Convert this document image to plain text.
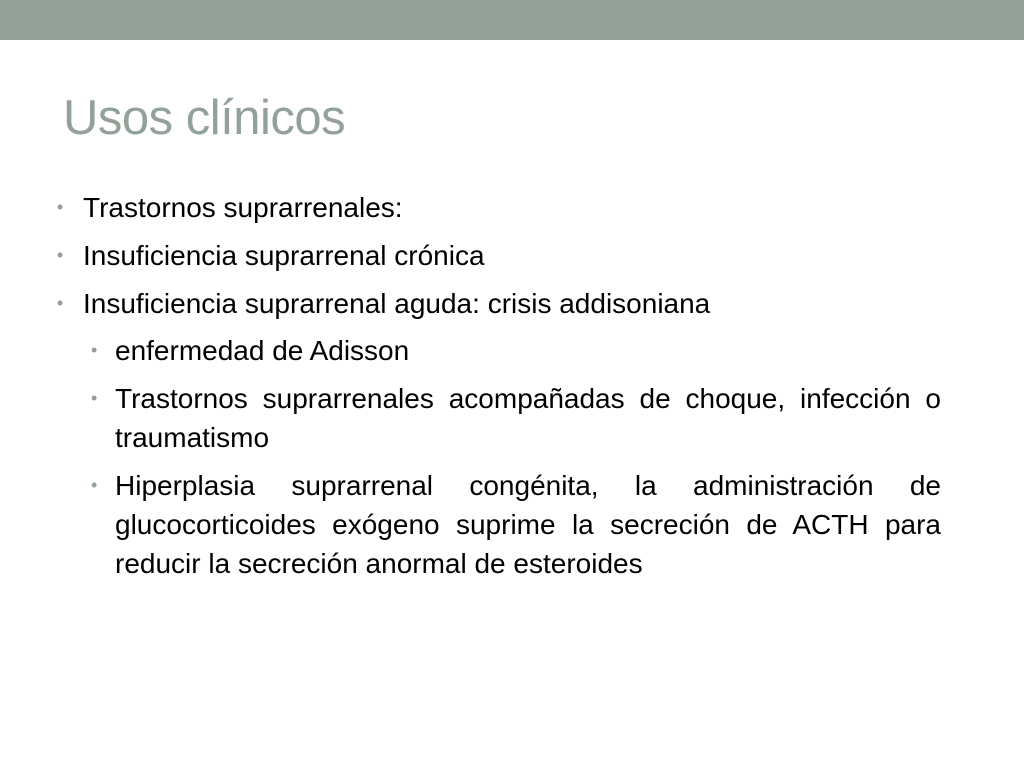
Usos clínicos
• Trastornos suprarrenales:
• Insuficiencia suprarrenal crónica
• Insuficiencia suprarrenal aguda: crisis addisoniana
• enfermedad de Adisson
• Trastornos suprarrenales acompañadas de choque, infección o traumatismo
• Hiperplasia suprarrenal congénita, la administración de glucocorticoides exógeno suprime la secreción de ACTH para reducir la secreción anormal de esteroides
